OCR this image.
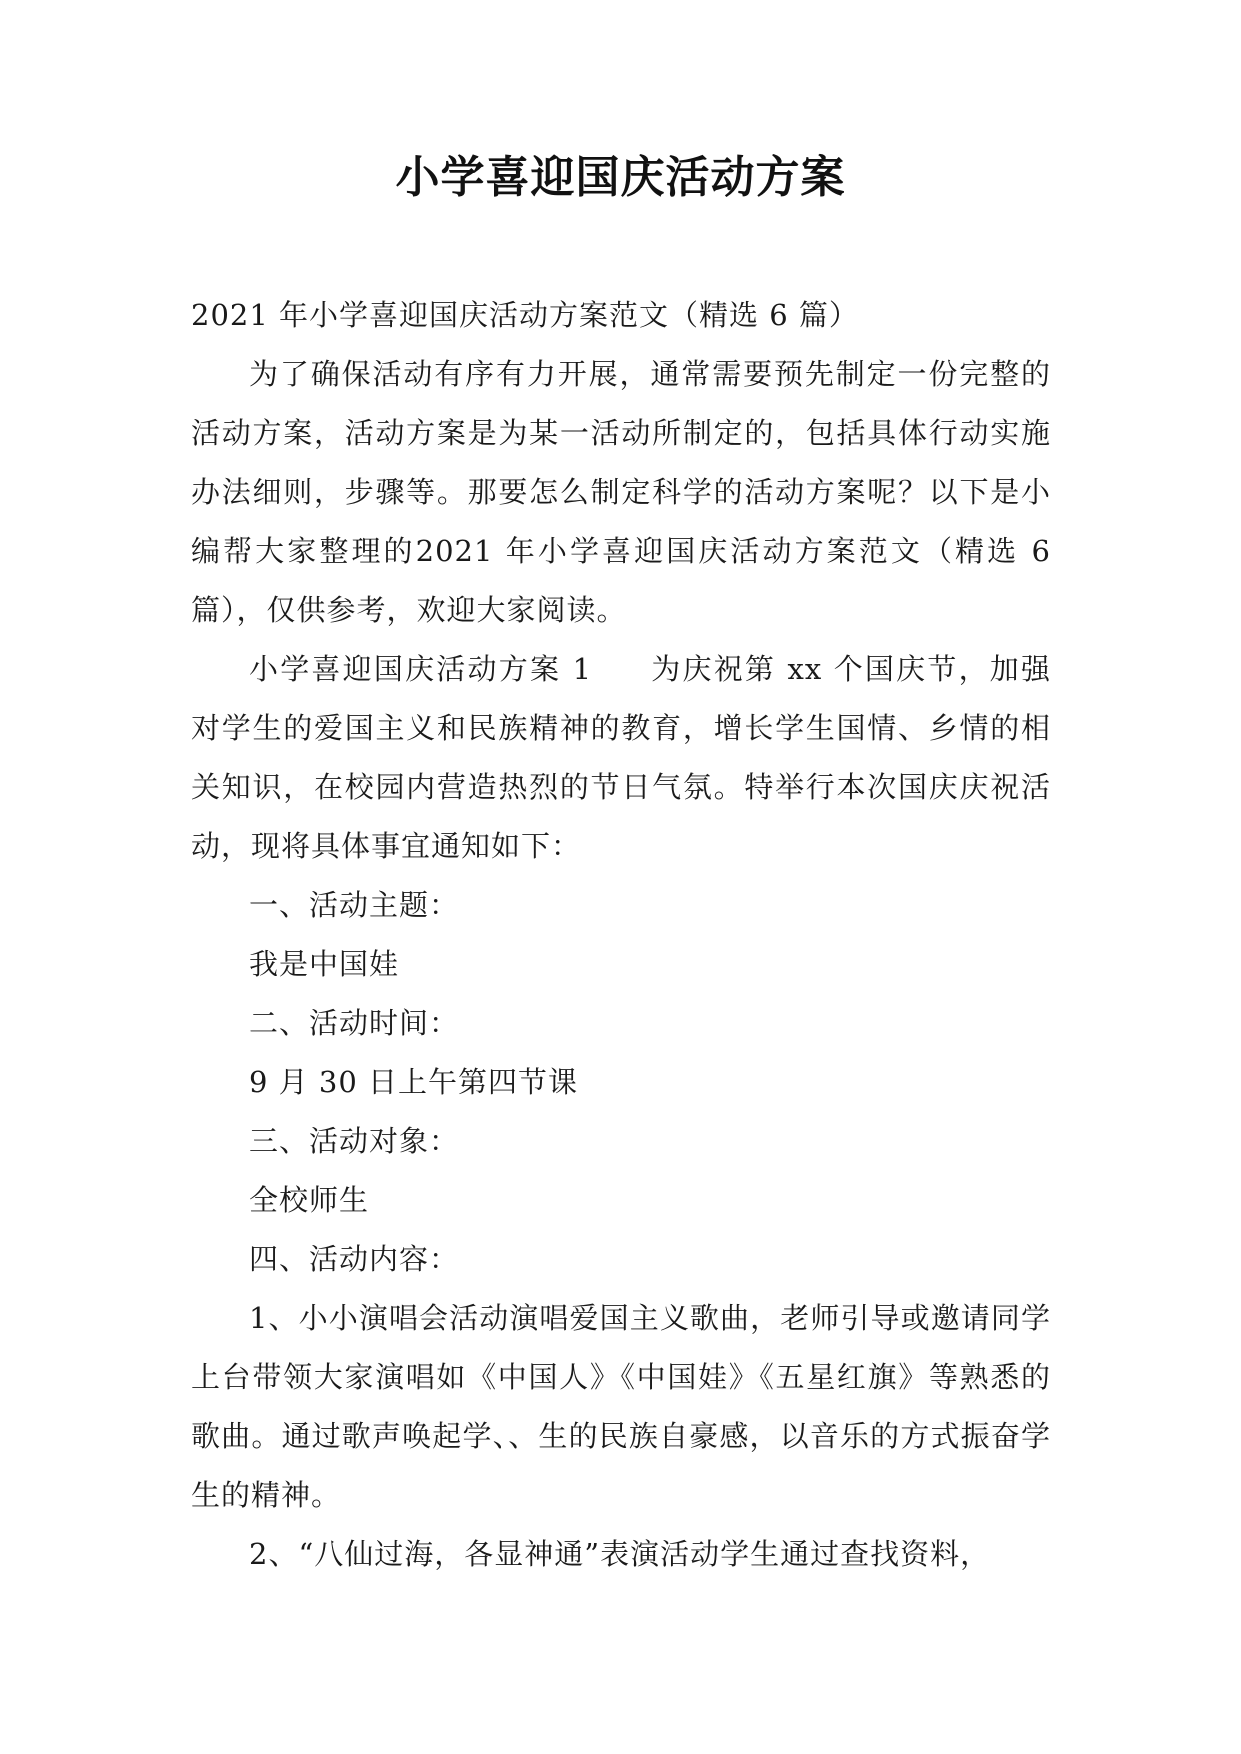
小学喜迎国庆活动方案

2021 年小学喜迎国庆活动方案范文（精选 6 篇）

为了确保活动有序有力开展，通常需要预先制定一份完整的活动方案，活动方案是为某一活动所制定的，包括具体行动实施办法细则，步骤等。那要怎么制定科学的活动方案呢？以下是小编帮大家整理的2021 年小学喜迎国庆活动方案范文（精选 6 篇），仅供参考，欢迎大家阅读。

小学喜迎国庆活动方案 1 为庆祝第 xx 个国庆节，加强对学生的爱国主义和民族精神的教育，增长学生国情、乡情的相关知识，在校园内营造热烈的节日气氛。特举行本次国庆庆祝活动，现将具体事宜通知如下：

一、活动主题：

我是中国娃

二、活动时间：

9 月 30 日上午第四节课

三、活动对象：

全校师生

四、活动内容：

1、小小演唱会活动演唱爱国主义歌曲，老师引导或邀请同学上台带领大家演唱如《中国人》《中国娃》《五星红旗》等熟悉的歌曲。通过歌声唤起学、、生的民族自豪感，以音乐的方式振奋学生的精神。

2、“八仙过海，各显神通”表演活动学生通过查找资料，
